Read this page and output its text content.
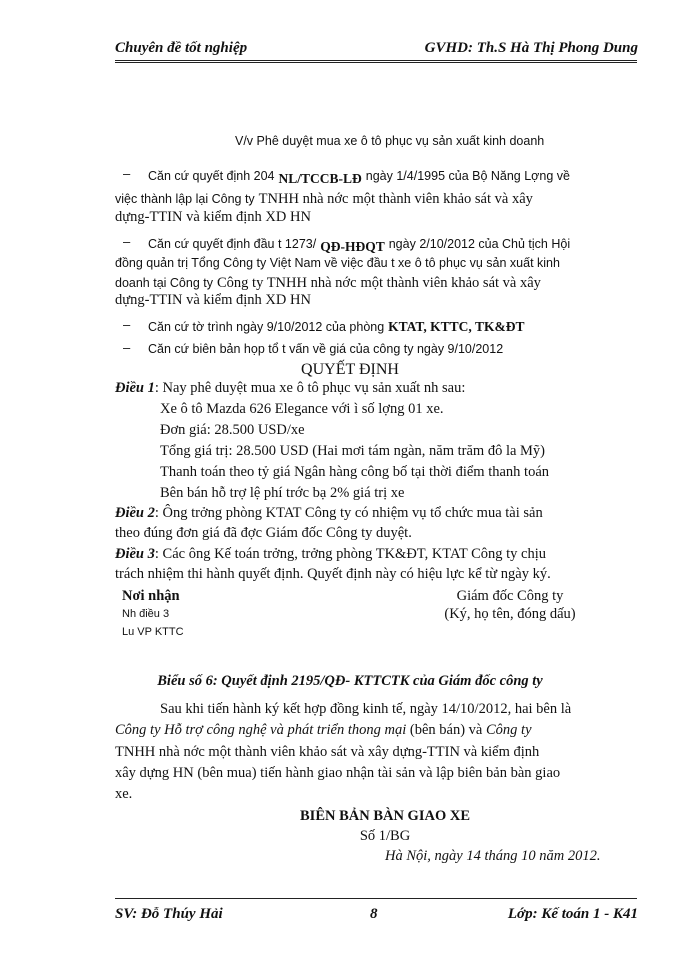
Chuyên đề tốt nghiệp	GVHD: Th.S Hà Thị Phong Dung
V/v Phê duyệt mua xe ô tô phục vụ sản xuất kinh doanh
– Căn cứ quyết định 204 NL/TCCB-LĐ ngày 1/4/1995 của Bộ Năng Lợng về
việc thành lập lại Công ty TNHH nhà nớc một thành viên khảo sát và xây
dựng-TTIN và kiểm định XD HN
– Căn cứ quyết định đầu t 1273/ QĐ-HĐQT ngày 2/10/2012 của Chủ tịch Hội
đồng quản trị Tổng Công ty Việt Nam về việc đầu t xe ô tô phục vụ sản xuất kinh
doanh tại Công ty Công ty TNHH nhà nớc một thành viên khảo sát và xây
dựng-TTIN và kiểm định XD HN
– Căn cứ tờ trình ngày 9/10/2012 của phòng KTAT, KTTC, TK&ĐT
– Căn cứ biên bản họp tổ t vấn về giá của công ty ngày 9/10/2012
QUYẾT ĐỊNH
Điều 1: Nay phê duyệt mua xe ô tô phục vụ sản xuất nh sau:
Xe ô tô Mazda 626 Elegance với ì số lợng 01 xe.
Đơn giá: 28.500 USD/xe
Tổng giá trị: 28.500 USD (Hai mơi tám ngàn, năm trăm đô la Mỹ)
Thanh toán theo tỷ giá Ngân hàng công bố tại thời điểm thanh toán
Bên bán hỗ trợ lệ phí trớc bạ 2% giá trị xe
Điều 2: Ông trởng phòng KTAT Công ty có nhiệm vụ tổ chức mua tài sản
theo đúng đơn giá đã đợc Giám đốc Công ty duyệt.
Điều 3: Các ông Kế toán trởng, trởng phòng TK&ĐT, KTAT Công ty chịu
trách nhiệm thi hành quyết định. Quyết định này có hiệu lực kể từ ngày ký.
Nơi nhận
Nh điều 3
Lu VP KTTC
Giám đốc Công ty
(Ký, họ tên, đóng dấu)
Biểu số 6: Quyết định 2195/QĐ- KTTCTK của Giám đốc công ty
Sau khi tiến hành ký kết hợp đồng kinh tế, ngày 14/10/2012, hai bên là
Công ty Hỗ trợ công nghệ và phát triển thong mại (bên bán) và Công ty
TNHH nhà nớc một thành viên khảo sát và xây dựng-TTIN và kiểm định
xây dựng HN (bên mua) tiến hành giao nhận tài sản và lập biên bản bàn giao
xe.
BIÊN BẢN BÀN GIAO XE
Số 1/BG
Hà Nội, ngày 14 tháng 10 năm 2012.
SV: Đỗ Thúy Hải	8	Lớp: Kế toán 1 - K41
